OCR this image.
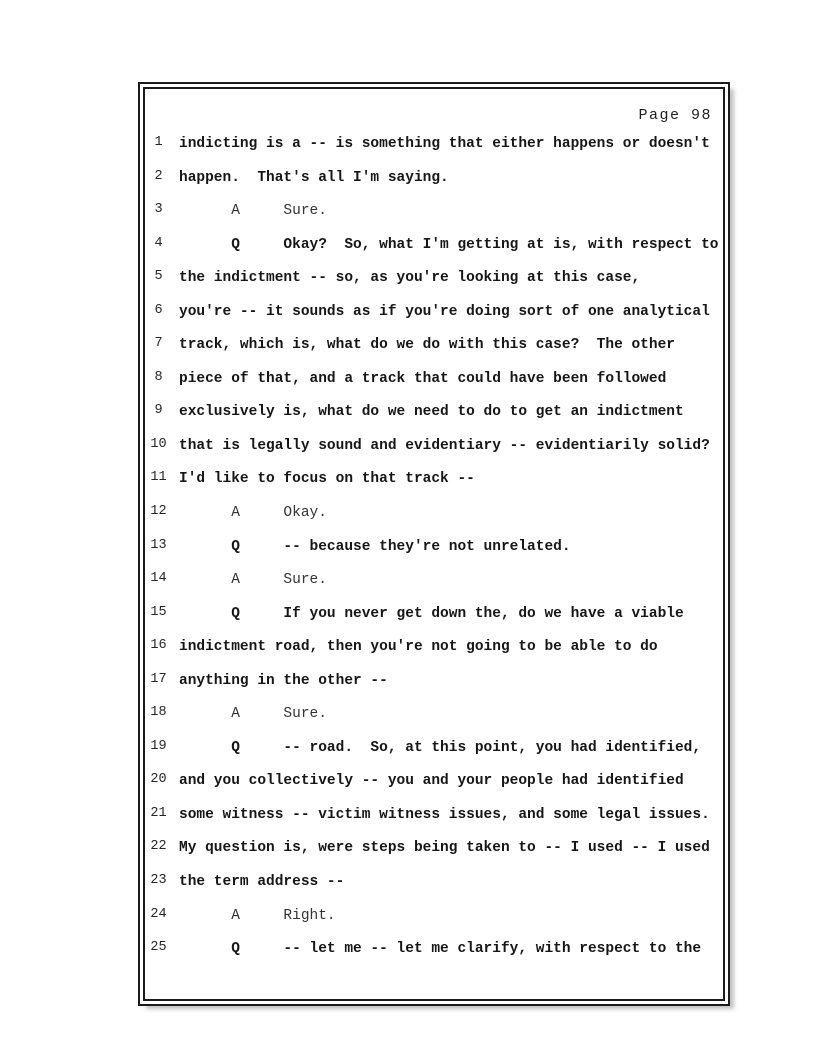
Page 98
1	indicting is a -- is something that either happens or doesn't
2	happen.  That's all I'm saying.
3	A     Sure.
4	Q     Okay?  So, what I'm getting at is, with respect to
5	the indictment -- so, as you're looking at this case,
6	you're -- it sounds as if you're doing sort of one analytical
7	track, which is, what do we do with this case?  The other
8	piece of that, and a track that could have been followed
9	exclusively is, what do we need to do to get an indictment
10 that is legally sound and evidentiary -- evidentiarily solid?
11 I'd like to focus on that track --
12 A     Okay.
13 Q     -- because they're not unrelated.
14 A     Sure.
15 Q     If you never get down the, do we have a viable
16 indictment road, then you're not going to be able to do
17 anything in the other --
18 A     Sure.
19 Q     -- road.  So, at this point, you had identified,
20 and you collectively -- you and your people had identified
21 some witness -- victim witness issues, and some legal issues.
22 My question is, were steps being taken to -- I used -- I used
23 the term address --
24 A     Right.
25 Q     -- let me -- let me clarify, with respect to the
